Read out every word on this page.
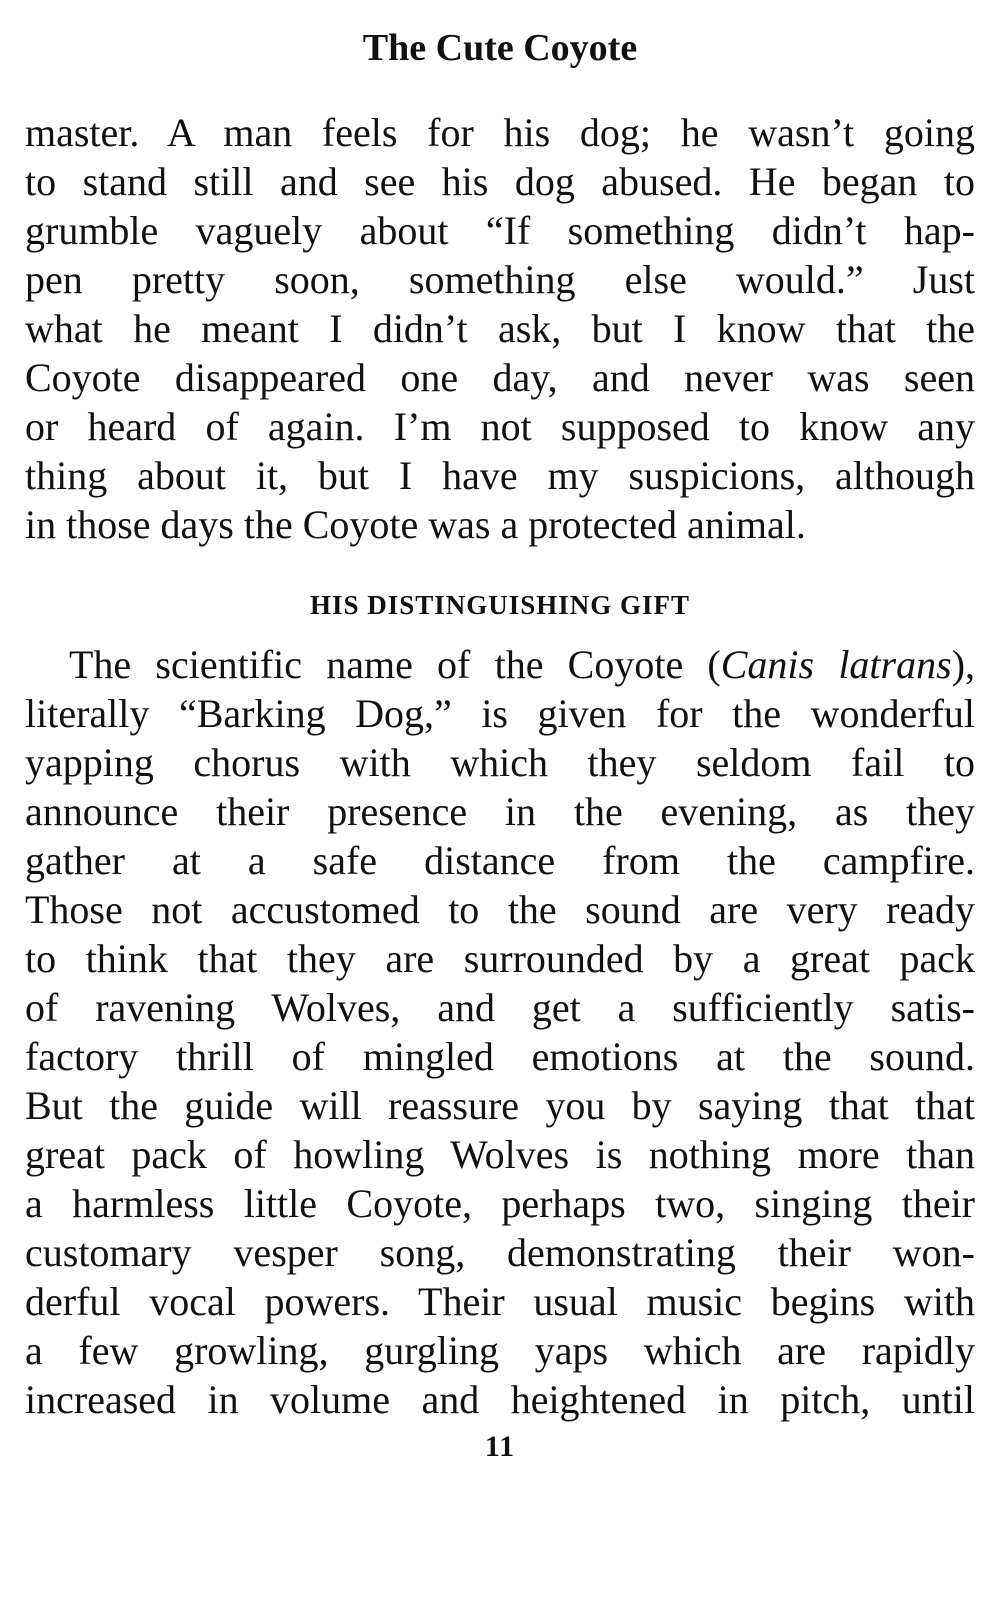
The Cute Coyote
master. A man feels for his dog; he wasn’t going
to stand still and see his dog abused. He began to
grumble vaguely about “If something didn’t hap-
pen pretty soon, something else would.” Just
what he meant I didn’t ask, but I know that the
Coyote disappeared one day, and never was seen
or heard of again. I’m not supposed to know any
thing about it, but I have my suspicions, although
in those days the Coyote was a protected animal.
HIS DISTINGUISHING GIFT
The scientific name of the Coyote (Canis latrans),
literally “Barking Dog,” is given for the wonderful
yapping chorus with which they seldom fail to
announce their presence in the evening, as they
gather at a safe distance from the campfire.
Those not accustomed to the sound are very ready
to think that they are surrounded by a great pack
of ravening Wolves, and get a sufficiently satis-
factory thrill of mingled emotions at the sound.
But the guide will reassure you by saying that that
great pack of howling Wolves is nothing more than
a harmless little Coyote, perhaps two, singing their
customary vesper song, demonstrating their won-
derful vocal powers. Their usual music begins with
a few growling, gurgling yaps which are rapidly
increased in volume and heightened in pitch, until
11
